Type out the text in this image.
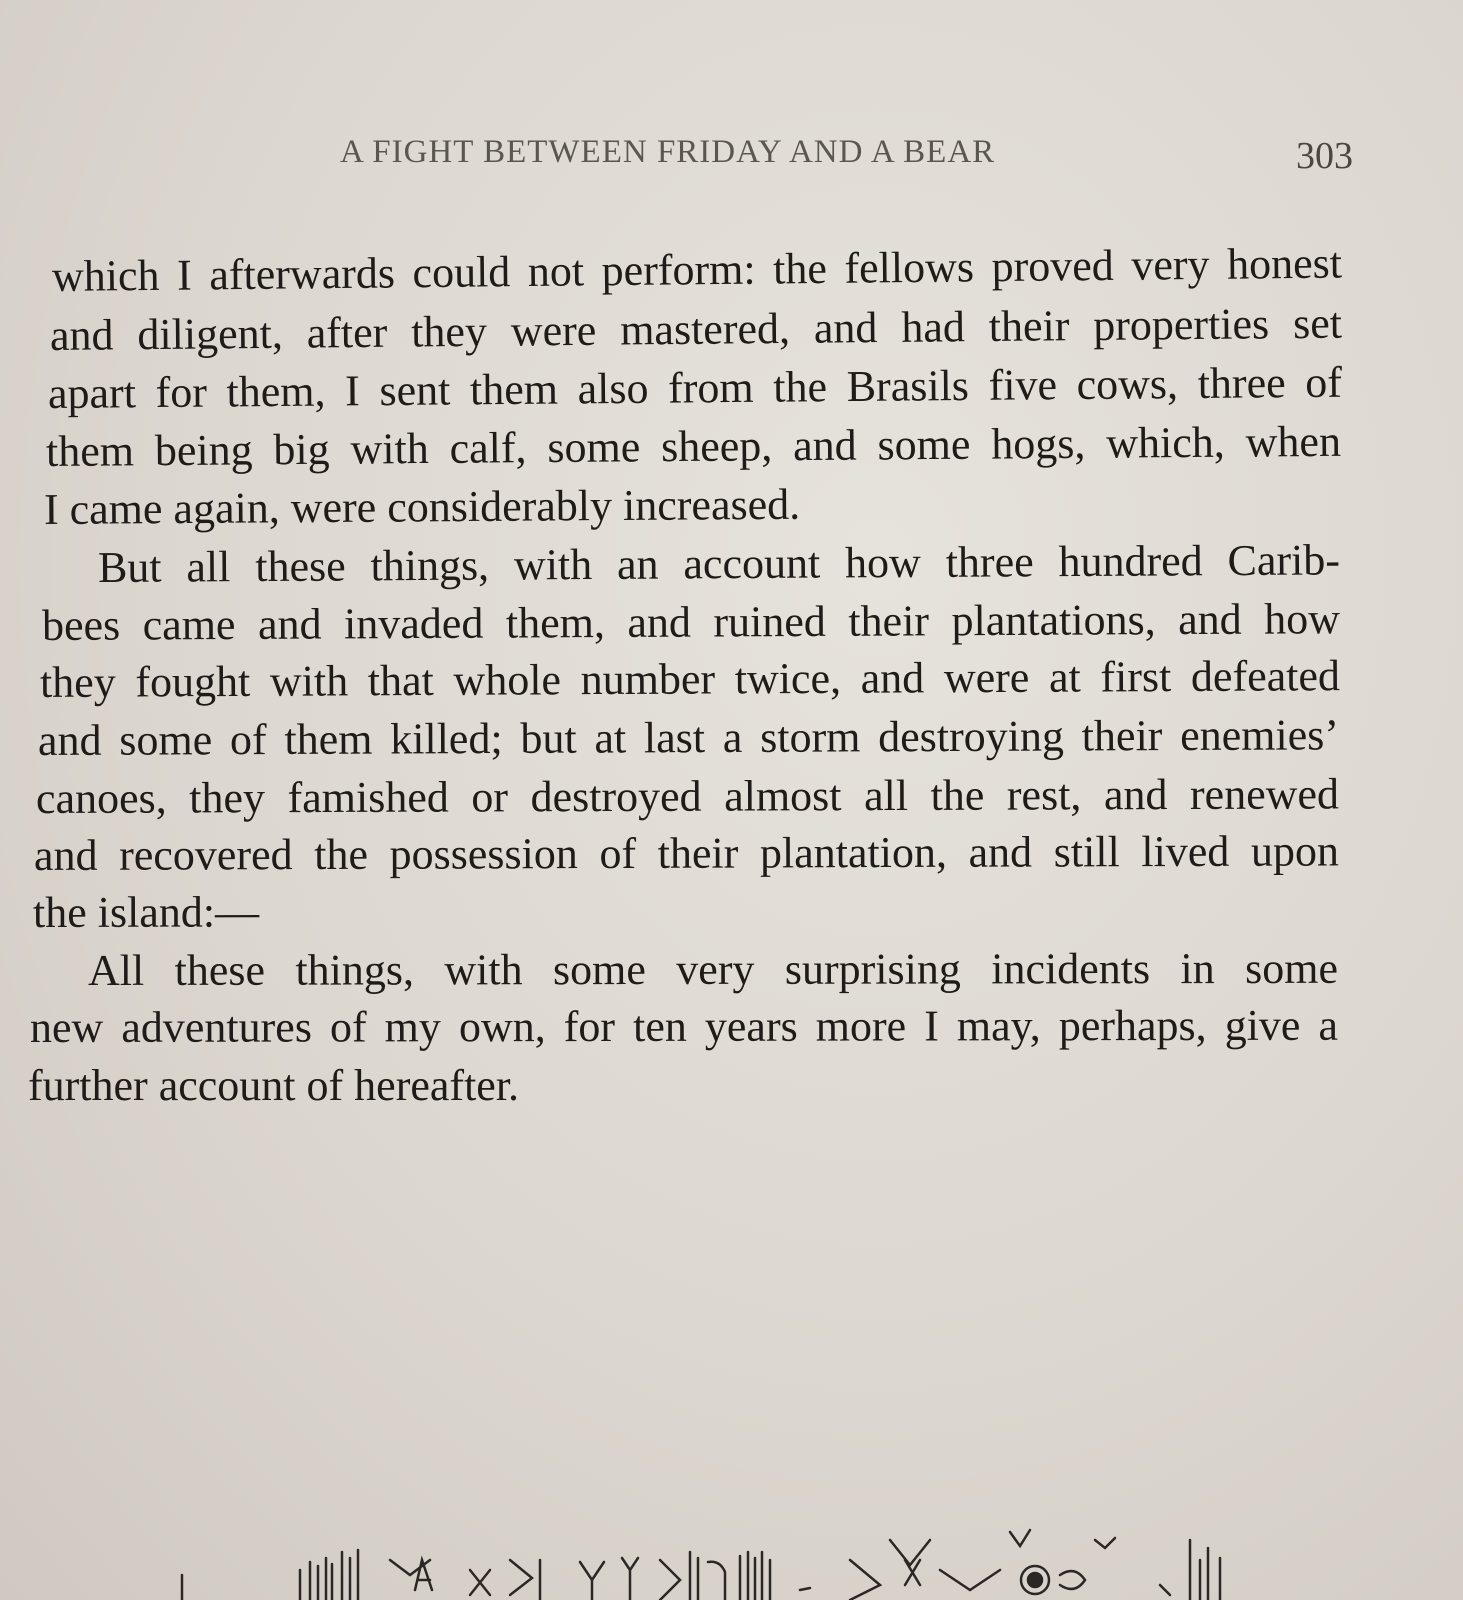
A FIGHT BETWEEN FRIDAY AND A BEAR	303
which I afterwards could not perform: the fellows proved very honest
and diligent, after they were mastered, and had their properties set
apart for them, I sent them also from the Brasils five cows, three of
them being big with calf, some sheep, and some hogs, which, when
I came again, were considerably increased.
But all these things, with an account how three hundred Carib-
bees came and invaded them, and ruined their plantations, and how
they fought with that whole number twice, and were at first defeated
and some of them killed; but at last a storm destroying their enemies’
canoes, they famished or destroyed almost all the rest, and renewed
and recovered the possession of their plantation, and still lived upon
the island:—
All these things, with some very surprising incidents in some
new adventures of my own, for ten years more I may, perhaps, give a
further account of hereafter.
